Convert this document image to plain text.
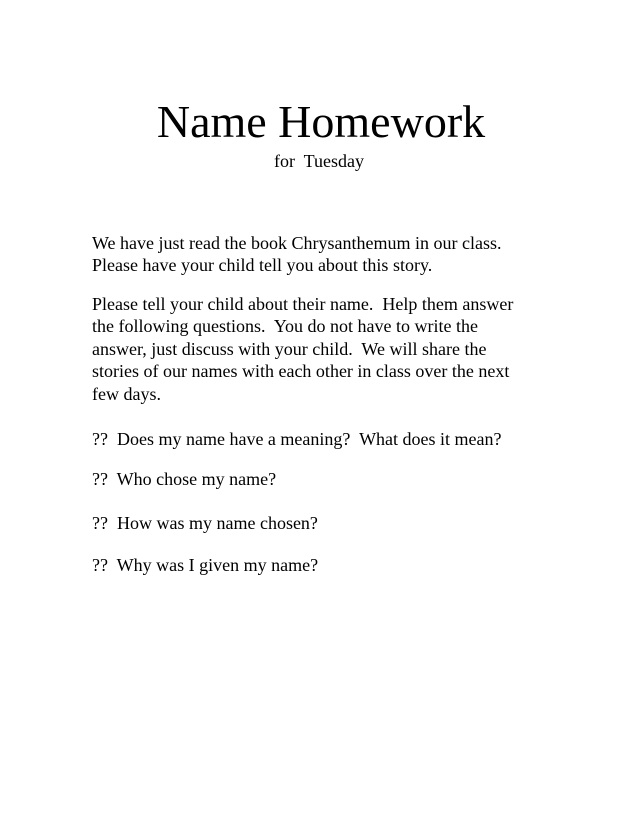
Name Homework
for  Tuesday
We have just read the book Chrysanthemum in our class.
Please have your child tell you about this story.
Please tell your child about their name.  Help them answer
the following questions.  You do not have to write the
answer, just discuss with your child.  We will share the
stories of our names with each other in class over the next
few days.
??  Does my name have a meaning?  What does it mean?
??  Who chose my name?
??  How was my name chosen?
??  Why was I given my name?
